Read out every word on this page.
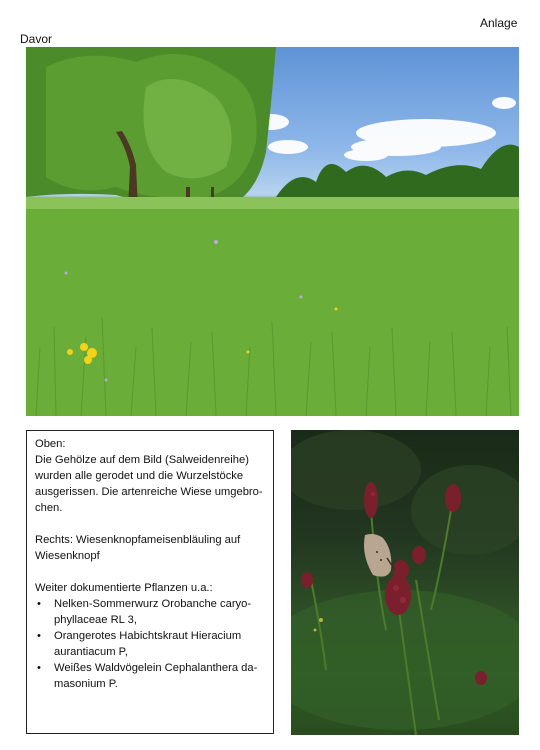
Anlage
Davor

Oben:

Die Gehölze auf dem Bild (Salweidenreihe)

wurden alle gerodet und die Wurzelstöcke

ausgerissen. Die artenreiche Wiese umgebro-

chen.

Rechts: Wiesenknopfameisenbläuling auf

Wiesenknopf

Weiter dokumentierte Pflanzen u.a.:

• Nelken-Sommerwurz Orobanche caryo-
phyllaceae RL 3,
• Orangerotes Habichtskraut Hieracium
aurantiacum P,
• Weißes Waldvögelein Cephalanthera da-
masonium P.
